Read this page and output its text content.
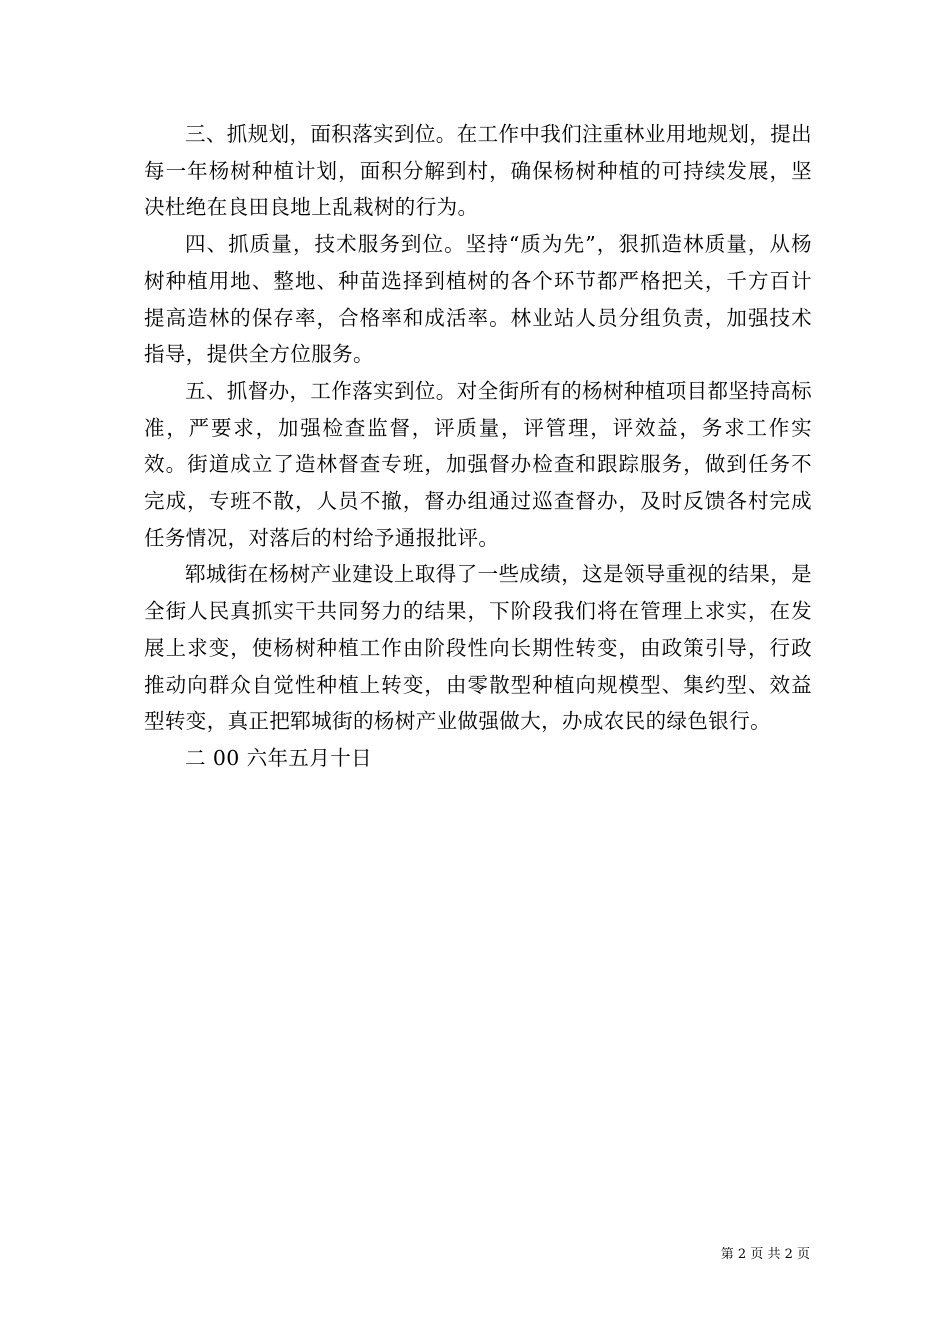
三、抓规划，面积落实到位。在工作中我们注重林业用地规划，提出每一年杨树种植计划，面积分解到村，确保杨树种植的可持续发展，坚决杜绝在良田良地上乱栽树的行为。

四、抓质量，技术服务到位。坚持“质为先”，狠抓造林质量，从杨树种植用地、整地、种苗选择到植树的各个环节都严格把关，千方百计提高造林的保存率，合格率和成活率。林业站人员分组负责，加强技术指导，提供全方位服务。

五、抓督办，工作落实到位。对全街所有的杨树种植项目都坚持高标准，严要求，加强检查监督，评质量，评管理，评效益，务求工作实效。街道成立了造林督查专班，加强督办检查和跟踪服务，做到任务不完成，专班不散，人员不撤，督办组通过巡查督办，及时反馈各村完成任务情况，对落后的村给予通报批评。

郓城街在杨树产业建设上取得了一些成绩，这是领导重视的结果，是全街人民真抓实干共同努力的结果，下阶段我们将在管理上求实，在发展上求变，使杨树种植工作由阶段性向长期性转变，由政策引导，行政推动向群众自觉性种植上转变，由零散型种植向规模型、集约型、效益型转变，真正把郓城街的杨树产业做强做大，办成农民的绿色银行。

二 00 六年五月十日

第 2 页 共 2 页
